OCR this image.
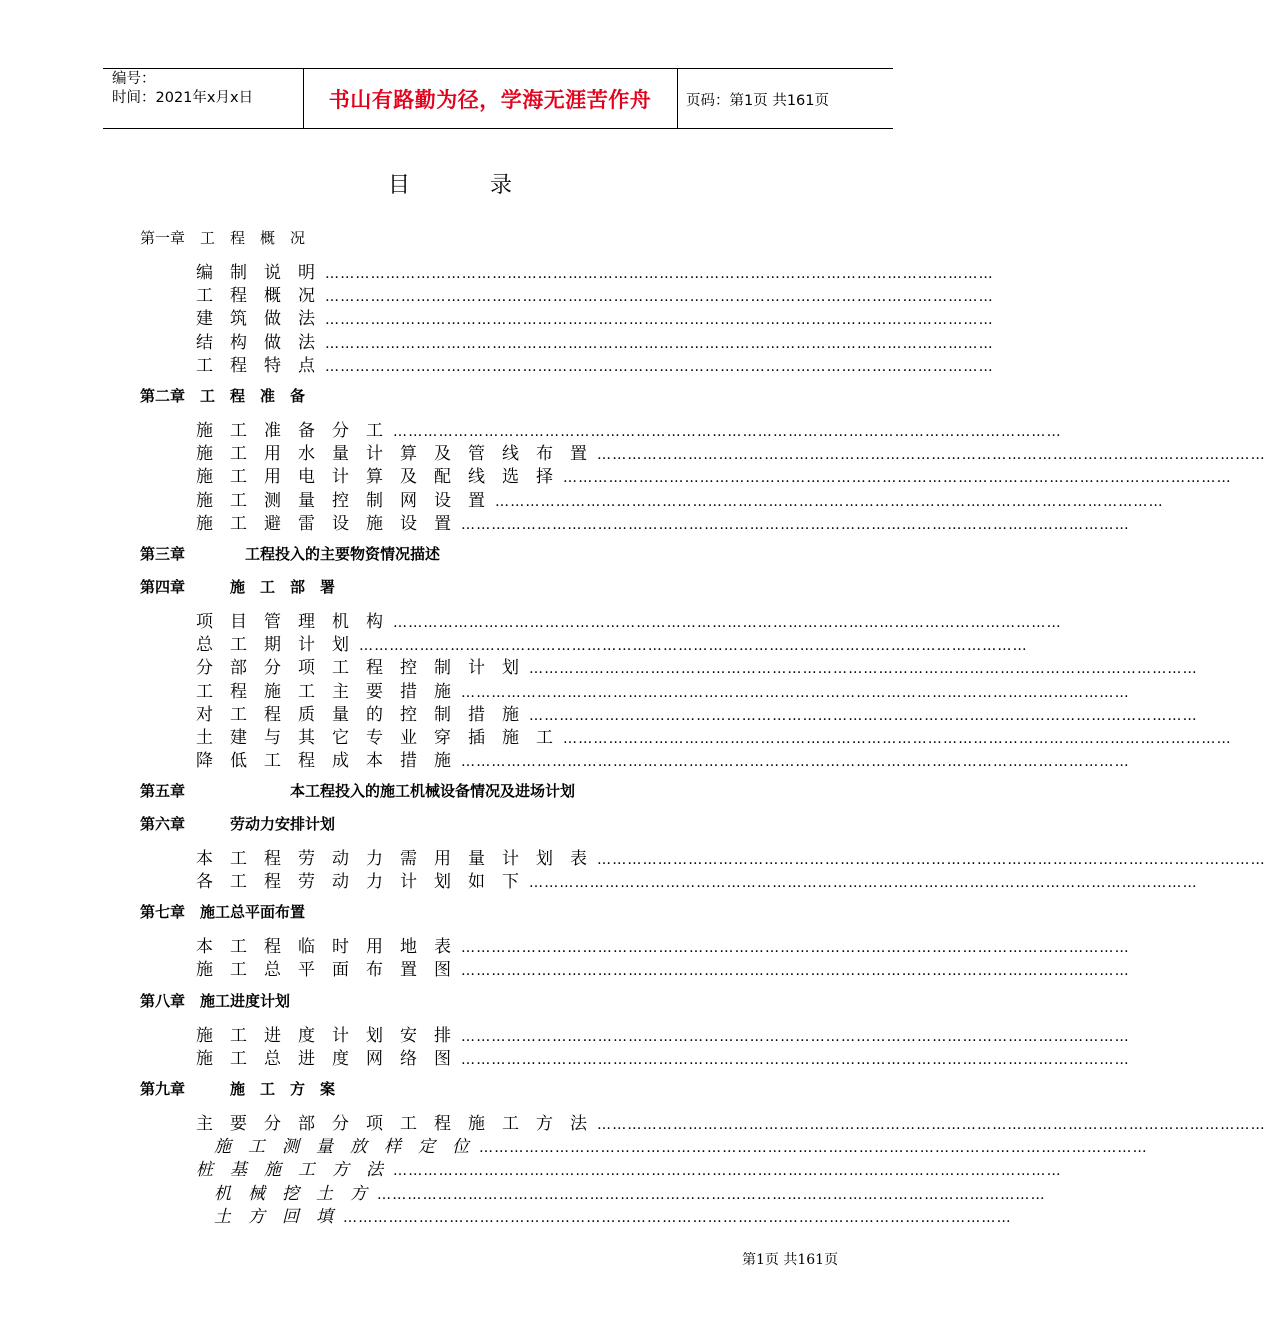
编号：
时间：2021年x月x日	书山有路勤为径，学海无涯苦作舟	页码：第1页 共161页
目录
第一章　工　程　概　况
编　制　说　明 ……………………………………………………………………………………………………………………
工　程　概　况 ……………………………………………………………………………………………………………………
建　筑　做　法 ……………………………………………………………………………………………………………………
结　构　做　法 ……………………………………………………………………………………………………………………
工　程　特　点 ……………………………………………………………………………………………………………………
第二章　工　程　准　备
施　工　准　备　分　工 ……………………………………………………………………………………………………………………
施　工　用　水　量　计　算　及　管　线　布　置 ……………………………………………………………………………………………………………………
施　工　用　电　计　算　及　配　线　选　择 ……………………………………………………………………………………………………………………
施　工　测　量　控　制　网　设　置 ……………………………………………………………………………………………………………………
施　工　避　雷　设　施　设　置 ……………………………………………………………………………………………………………………
第三章　　　　工程投入的主要物资情况描述
第四章　　　施　工　部　署
项　目　管　理　机　构 ……………………………………………………………………………………………………………………
总　工　期　计　划 ……………………………………………………………………………………………………………………
分　部　分　项　工　程　控　制　计　划 ……………………………………………………………………………………………………………………
工　程　施　工　主　要　措　施 ……………………………………………………………………………………………………………………
对　工　程　质　量　的　控　制　措　施 ……………………………………………………………………………………………………………………
土　建　与　其　它　专　业　穿　插　施　工 ……………………………………………………………………………………………………………………
降　低　工　程　成　本　措　施 ……………………………………………………………………………………………………………………
第五章　　　　　　　本工程投入的施工机械设备情况及进场计划
第六章　　　劳动力安排计划
本　工　程　劳　动　力　需　用　量　计　划　表 ……………………………………………………………………………………………………………………
各　工　程　劳　动　力　计　划　如　下 ……………………………………………………………………………………………………………………
第七章　施工总平面布置
本　工　程　临　时　用　地　表 ……………………………………………………………………………………………………………………
施　工　总　平　面　布　置　图 ……………………………………………………………………………………………………………………
第八章　施工进度计划
施　工　进　度　计　划　安　排 ……………………………………………………………………………………………………………………
施　工　总　进　度　网　络　图 ……………………………………………………………………………………………………………………
第九章　　　施　工　方　案
主　要　分　部　分　项　工　程　施　工　方　法 ……………………………………………………………………………………………………………………
施　工　测　量　放　样　定　位 ……………………………………………………………………………………………………………………
桩　基　施　工　方　法 ……………………………………………………………………………………………………………………
机　械　挖　土　方 ……………………………………………………………………………………………………………………
土　方　回　填 ……………………………………………………………………………………………………………………
第1页 共161页
